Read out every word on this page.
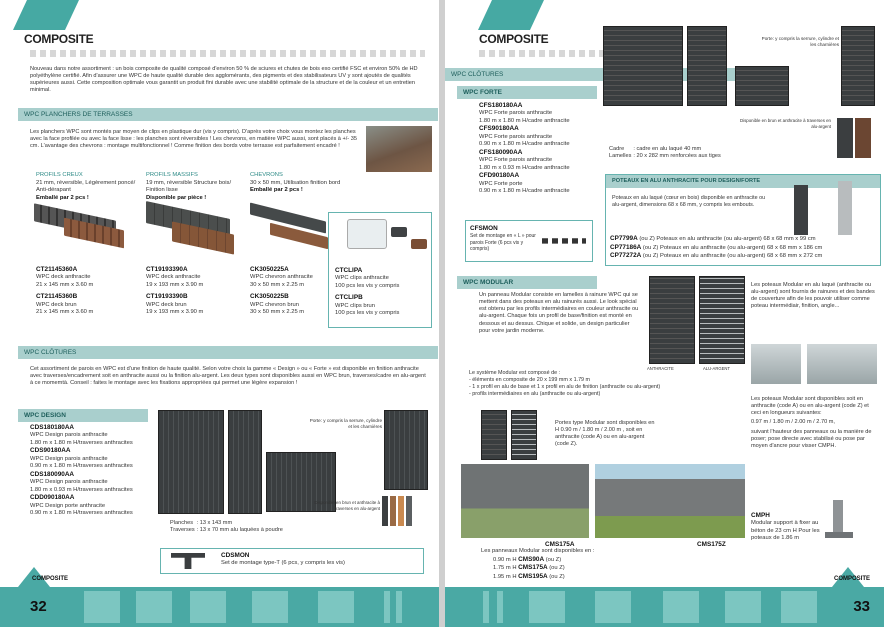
COMPOSITE
Nouveau dans notre assortiment : un bois composite de qualité composé d'environ 50 % de sciures et chutes de bois exo certifié FSC et environ 50% de HD polyéthylène certifié. Afin d'assurer une WPC de haute qualité durable des agglomérants, des pigments et des stabilisateurs UV y sont ajoutés de qualités supérieures aussi. Cette composition optimale vous garantit un produit fini durable avec une stabilité optimale de la structure et de la couleur et un entretien minimal.
WPC PLANCHERS DE TERRASSES
Les planchers WPC sont montés par moyen de clips en plastique dur (vis y compris). D'après votre choix vous montez les planches avec la face profilée ou avec la face lisse : les planches sont réversibles ! Les chevrons, en matière WPC aussi, sont placés à +/- 35 cm. L'avantage des chevrons : montage multifonctionnel ! Comme finition des bords votre terrasse est parfaitement encadré !
PROFILS CREUX
21 mm, réversible, Légèrement poncé/ Anti-dérapant
Emballé par 2 pcs !
CT21145360A
WPC deck anthracite
21 x 145 mm x 3.60 m
CT21145360B
WPC deck brun
21 x 145 mm x 3.60 m
PROFILS MASSIFS
19 mm, réversible Structure bois/ Finition lisse
Disponible par pièce !
CT19193390A
WPC deck anthracite
19 x 193 mm x 3.90 m
CT19193390B
WPC deck brun
19 x 193 mm x 3.90 m
CHEVRONS
30 x 50 mm, Utilisation finition bord
Emballé par 2 pcs !
CK3050225A
WPC chevron anthracite
30 x 50 mm x 2.25 m
CK3050225B
WPC chevron brun
30 x 50 mm x 2.25 m
CTCLIPA
WPC clips anthracite
100 pcs les vis y compris
CTCLIPB
WPC clips brun
100 pcs les vis y compris
WPC CLÔTURES
Cet assortiment de parois en WPC est d'une finition de haute qualité. Selon votre choix la gamme « Design » ou « Forte » est disponible en finition anthracite avec traverses/encadrement soit en anthracite aussi ou la finition alu-argent. Les deux types sont disponibles aussi en WPC brun, traverses/cadre en alu-argent à ce momemtà. Conseil : faites le montage avec les fixations appropriées qui permet une légère expansion !
WPC DESIGN
CDS180180AA
WPC Design parois anthracite
1.80 m x 1.80 m H/traverses anthracites
CDS90180AA
WPC Design parois anthracite
0.90 m x 1.80 m H/traverses anthracites
CDS180090AA
WPC Design parois anthracite
1.80 m x 0.93 m H/traverses anthracites
CDD090180AA
WPC Design porte anthracite
0.90 m x 1.80 m H/traverses anthracites
Porte: y compris la serrure, cylindre et les charnières
Disponible en brun et anthracite à traverses en alu-argent
Planches	: 13 x 143 mm
Traverses	: 13 x 70 mm alu laquées à poudre
CDSMON
Set de montage type-T (6 pcs, y compris les vis)
COMPOSITE
32
COMPOSITE
WPC CLÔTURES
WPC FORTE
CFS180180AA
WPC Forte parois anthracite
1.80 m x 1.80 m H/cadre anthracite
CFS90180AA
WPC Forte parois anthracite
0.90 m x 1.80 m H/cadre anthracite
CFS180090AA
WPC Forte parois anthracite
1.80 m x 0.93 m H/cadre anthracite
CFD90180AA
WPC Forte porte
0.90 m x 1.80 m H/cadre anthracite
Porte: y compris la serrure, cylindre et les charnières
Disponible en brun et anthracite à traverses en alu-argent
Cadre	: cadre en alu laqué 40 mm
Lamelles	: 20 x 282 mm renforcées aux tiges
CFSMON
Set de montage en « L » pour parois Forte (6 pcs vis y compris)
POTEAUX EN ALU ANTHRACITE POUR DESIGN/FORTE
Poteaux en alu laqué (cœur en bois) disponible en anthracite ou alu-argent, dimensions 68 x 68 mm, y compris les embouts.
CP7799A (ou Z) Poteaux en alu anthracite (ou alu-argent) 68 x 68 mm x 99 cm
CP77186A (ou Z) Poteaux en alu anthracite (ou alu-argent) 68 x 68 mm x 186 cm
CP77272A (ou Z) Poteaux en alu anthracite (ou alu-argent) 68 x 68 mm x 272 cm
WPC MODULAR
Un panneau Modular consiste en lamelles à rainure WPC qui se mettent dans des poteaux en alu rainurés aussi. Le look spécial est obtenu par les profils intermédiaires en couleur anthracite ou alu-argent. Chaque fois un profil de base/finition est monté en dessous et au dessus. Chique et solide, un design particulier pour votre jardin moderne.
ANTHRACITE	ALU-ARGENT
Les poteaux Modular en alu laqué (anthracite ou alu-argent) sont fournis de rainures et des bandes de couverture afin de les pouvoir utiliser comme poteau intermédiair, finition, angle...
Le système Modular est composé de :
- éléments en composite de 20 x 199 mm x 1.79 m
- 1 x profil en alu de base et 1 x profil en alu de finition (anthracite ou alu-argent)
- profils intermédiaires en alu (anthracite ou alu-argent)
Portes type Modular sont disponibles en H 0.90 m / 1.80 m / 2.00 m , soit en anthracite (code A) ou en alu-argent (code Z).
Les poteaux Modular sont disponibles soit en anthracite (code A) ou en alu-argent (code Z) et ceci en longueurs suivantes:
0.97 m / 1.80 m / 2.00 m / 2.70 m,
suivant l'hauteur des panneaux ou la manière de poser; pose directe avec stabilisé ou pose par moyen d'ancre pour visser CMPH.
CMS175A	CMS175Z
Les panneaux Modular sont disponibles en :
0.90 m H CMS90A (ou Z)
1.75 m H CMS175A (ou Z)
1.95 m H CMS195A (ou Z)
CMPH
Modular support à fixer au béton de 23 cm H Pour les poteaux de 1.86 m
COMPOSITE
33
